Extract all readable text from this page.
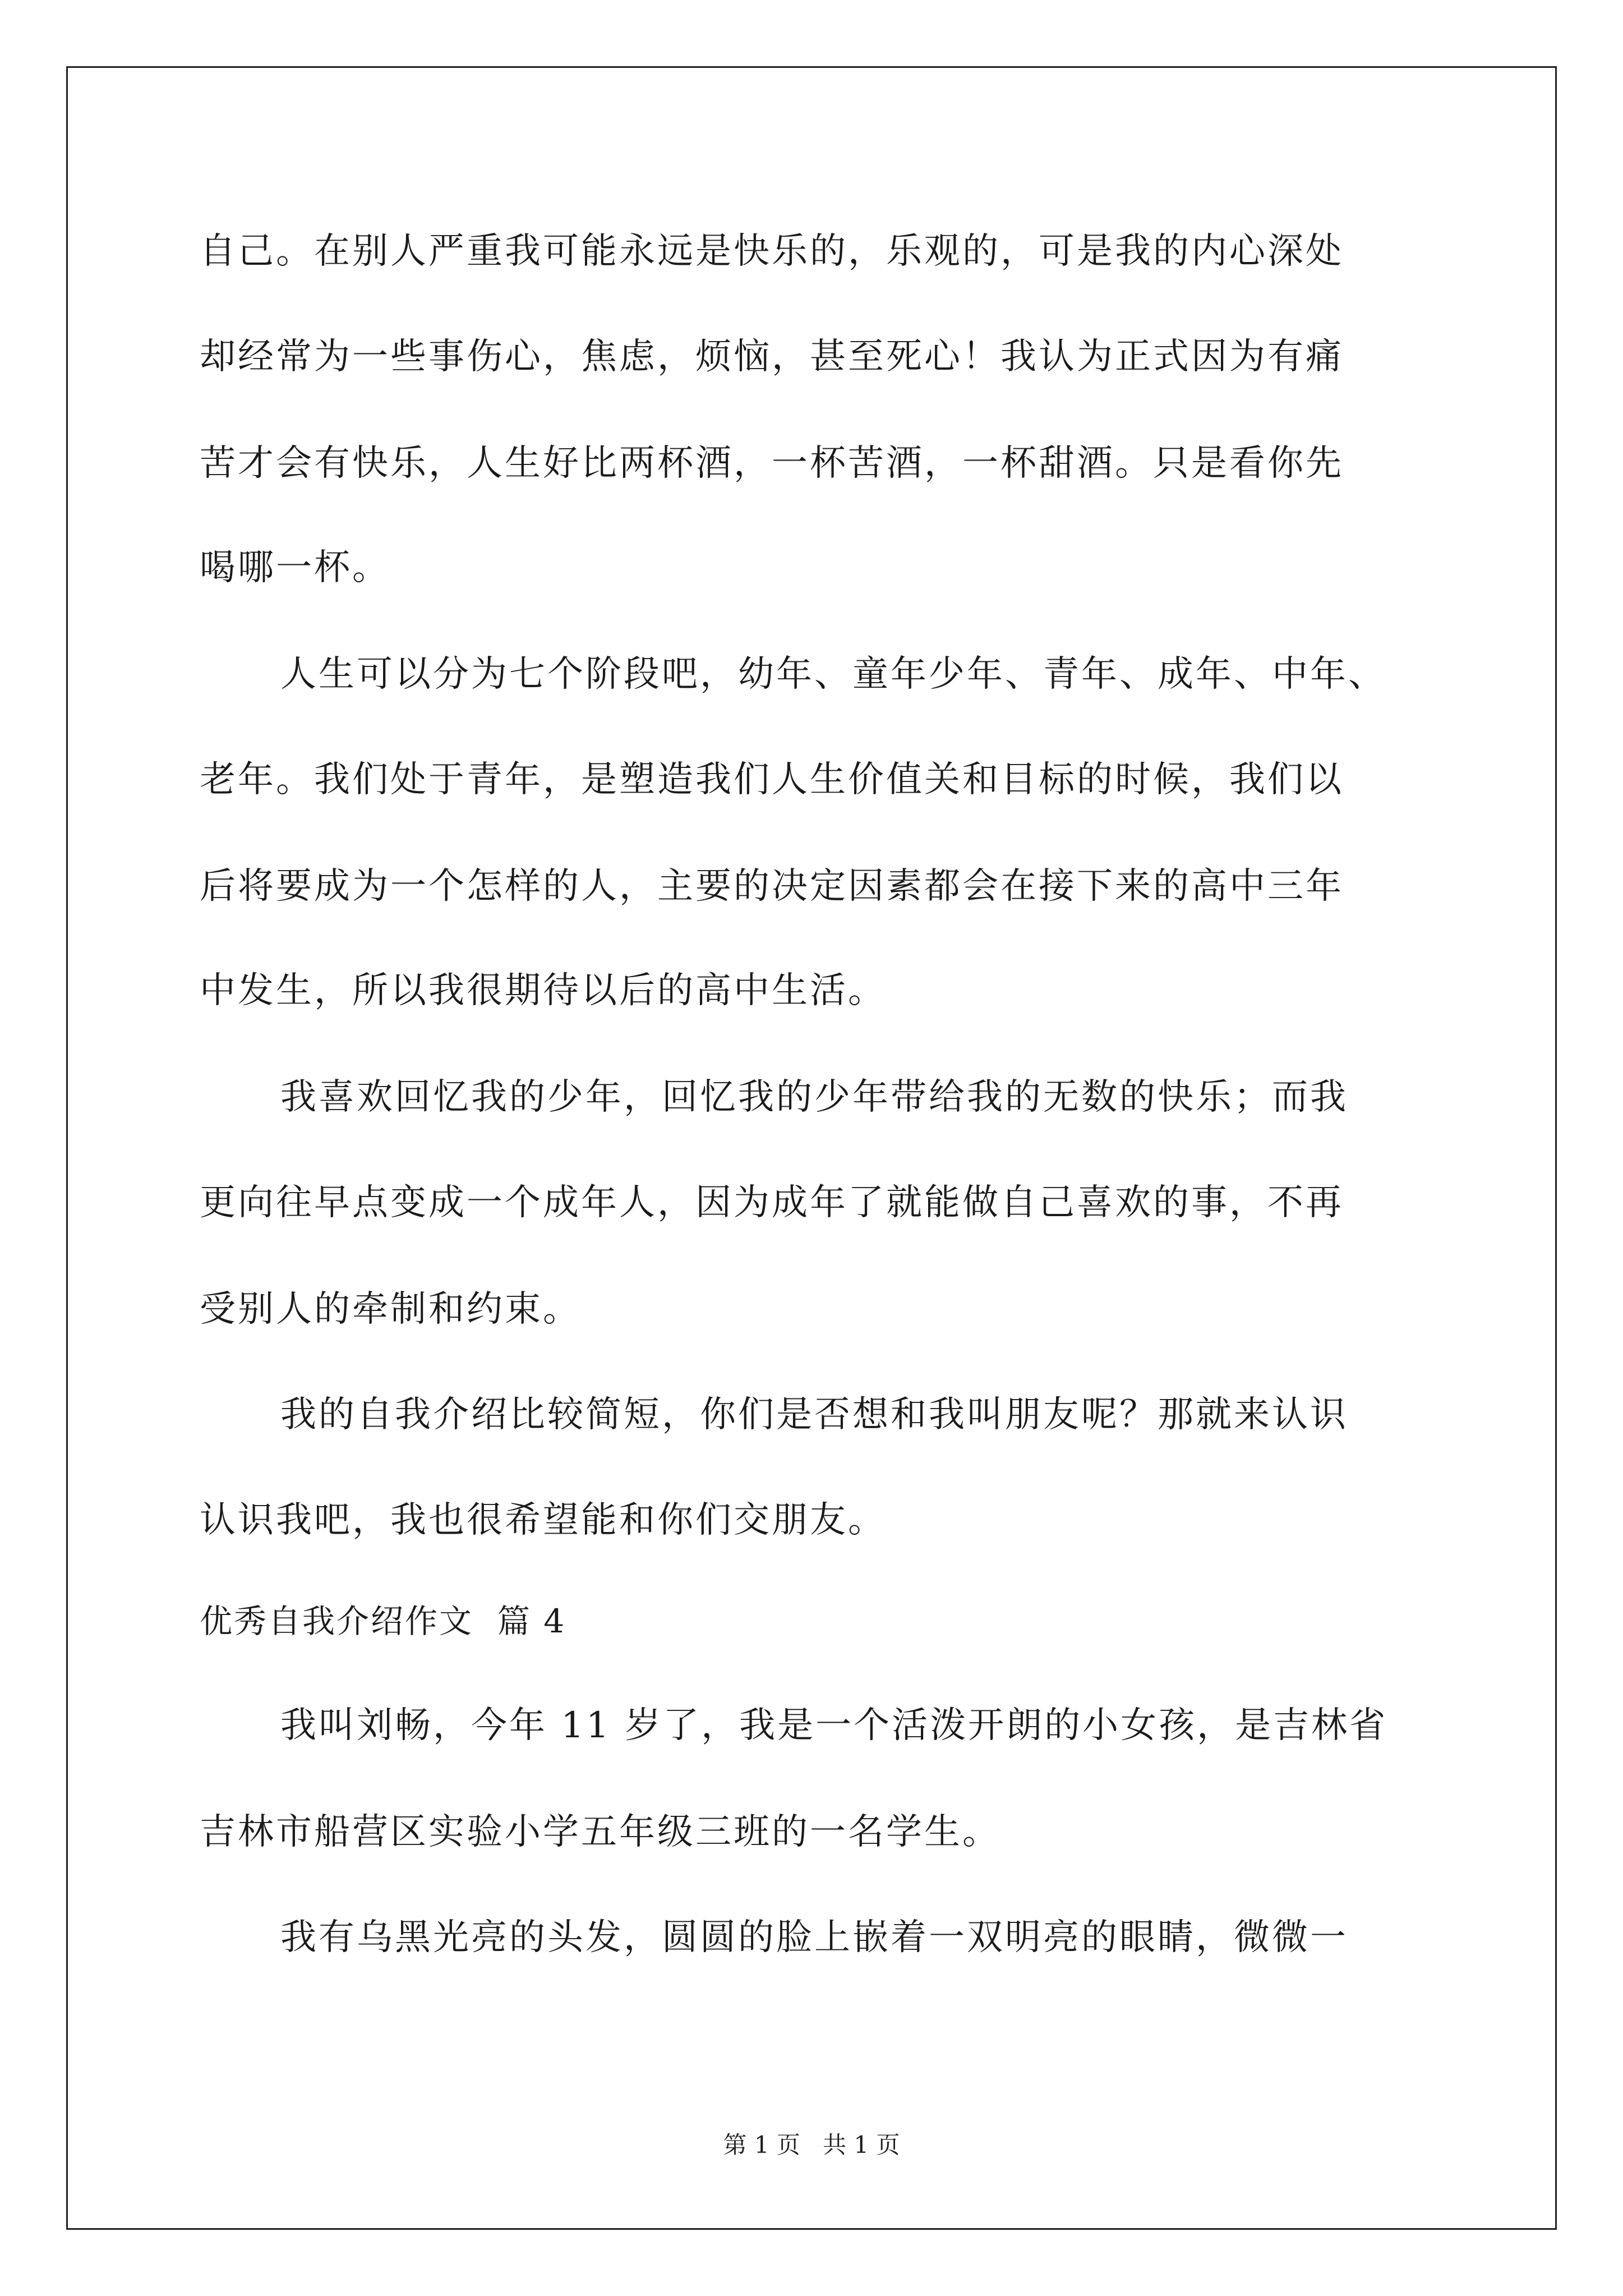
自己。在别人严重我可能永远是快乐的，乐观的，可是我的内心深处
却经常为一些事伤心，焦虑，烦恼，甚至死心！我认为正式因为有痛
苦才会有快乐，人生好比两杯酒，一杯苦酒，一杯甜酒。只是看你先
喝哪一杯。
人生可以分为七个阶段吧，幼年、童年少年、青年、成年、中年、
老年。我们处于青年，是塑造我们人生价值关和目标的时候，我们以
后将要成为一个怎样的人，主要的决定因素都会在接下来的高中三年
中发生，所以我很期待以后的高中生活。
我喜欢回忆我的少年，回忆我的少年带给我的无数的快乐；而我
更向往早点变成一个成年人，因为成年了就能做自己喜欢的事，不再
受别人的牵制和约束。
我的自我介绍比较简短，你们是否想和我叫朋友呢？那就来认识
认识我吧，我也很希望能和你们交朋友。
优秀自我介绍作文  篇 4
我叫刘畅，今年 11 岁了，我是一个活泼开朗的小女孩，是吉林省
吉林市船营区实验小学五年级三班的一名学生。
我有乌黑光亮的头发，圆圆的脸上嵌着一双明亮的眼睛，微微一
第 1 页   共 1 页
